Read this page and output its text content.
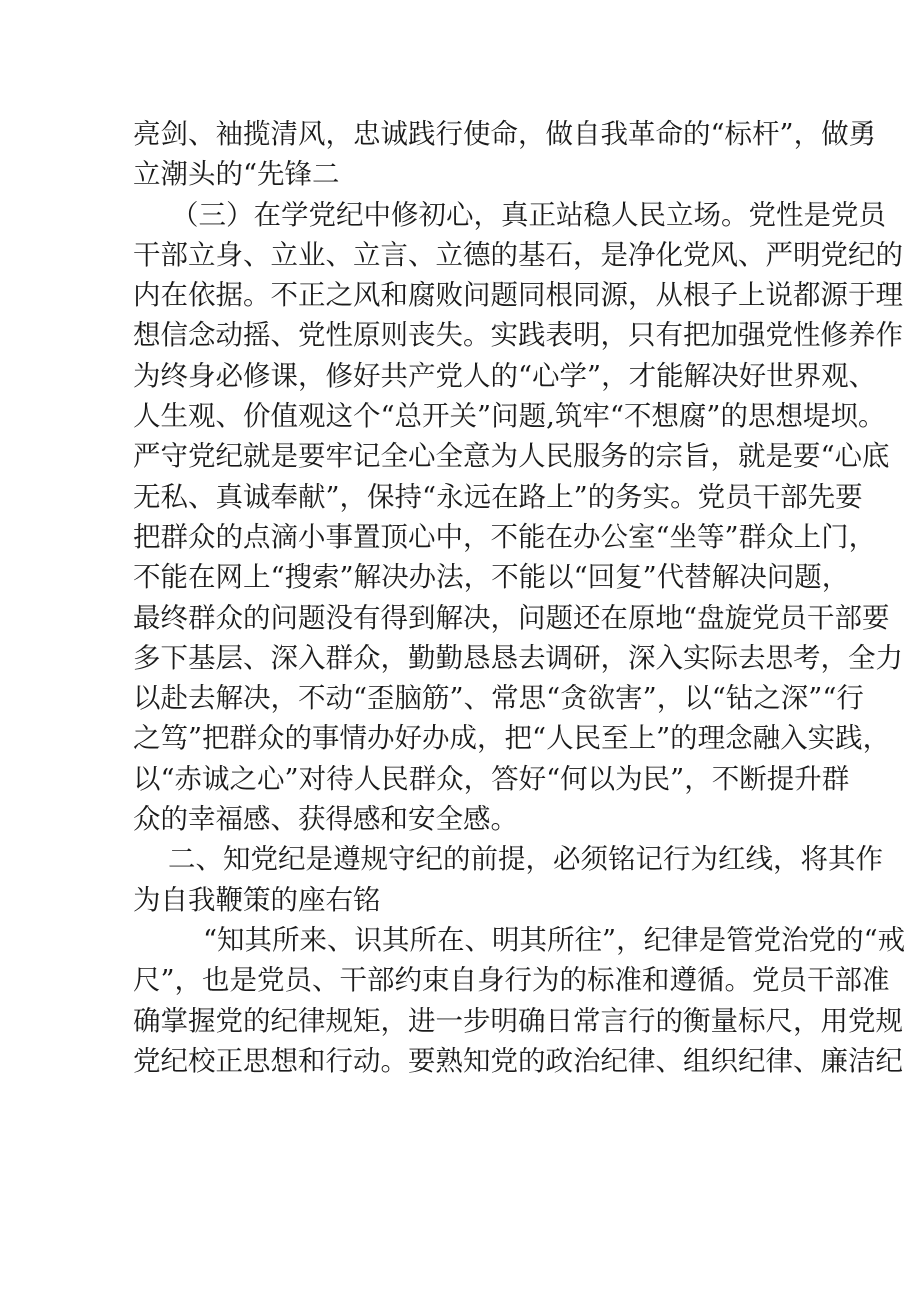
亮剑、袖揽清风，忠诚践行使命，做自我革命的“标杆”，做勇
立潮头的“先锋二
（三）在学党纪中修初心，真正站稳人民立场。党性是党员
干部立身、立业、立言、立德的基石，是净化党风、严明党纪的
内在依据。不正之风和腐败问题同根同源，从根子上说都源于理
想信念动摇、党性原则丧失。实践表明，只有把加强党性修养作
为终身必修课，修好共产党人的“心学”，才能解决好世界观、
人生观、价值观这个“总开关”问题,筑牢“不想腐”的思想堤坝。
严守党纪就是要牢记全心全意为人民服务的宗旨，就是要“心底
无私、真诚奉献”，保持“永远在路上”的务实。党员干部先要
把群众的点滴小事置顶心中，不能在办公室“坐等”群众上门，
不能在网上“搜索”解决办法，不能以“回复”代替解决问题，
最终群众的问题没有得到解决，问题还在原地“盘旋党员干部要
多下基层、深入群众，勤勤恳恳去调研，深入实际去思考，全力
以赴去解决，不动“歪脑筋”、常思“贪欲害”，以“钻之深”“行
之笃”把群众的事情办好办成，把“人民至上”的理念融入实践，
以“赤诚之心”对待人民群众，答好“何以为民”，不断提升群
众的幸福感、获得感和安全感。
二、知党纪是遵规守纪的前提，必须铭记行为红线，将其作
为自我鞭策的座右铭
“知其所来、识其所在、明其所往”，纪律是管党治党的“戒
尺”，也是党员、干部约束自身行为的标准和遵循。党员干部准
确掌握党的纪律规矩，进一步明确日常言行的衡量标尺，用党规
党纪校正思想和行动。要熟知党的政治纪律、组织纪律、廉洁纪
